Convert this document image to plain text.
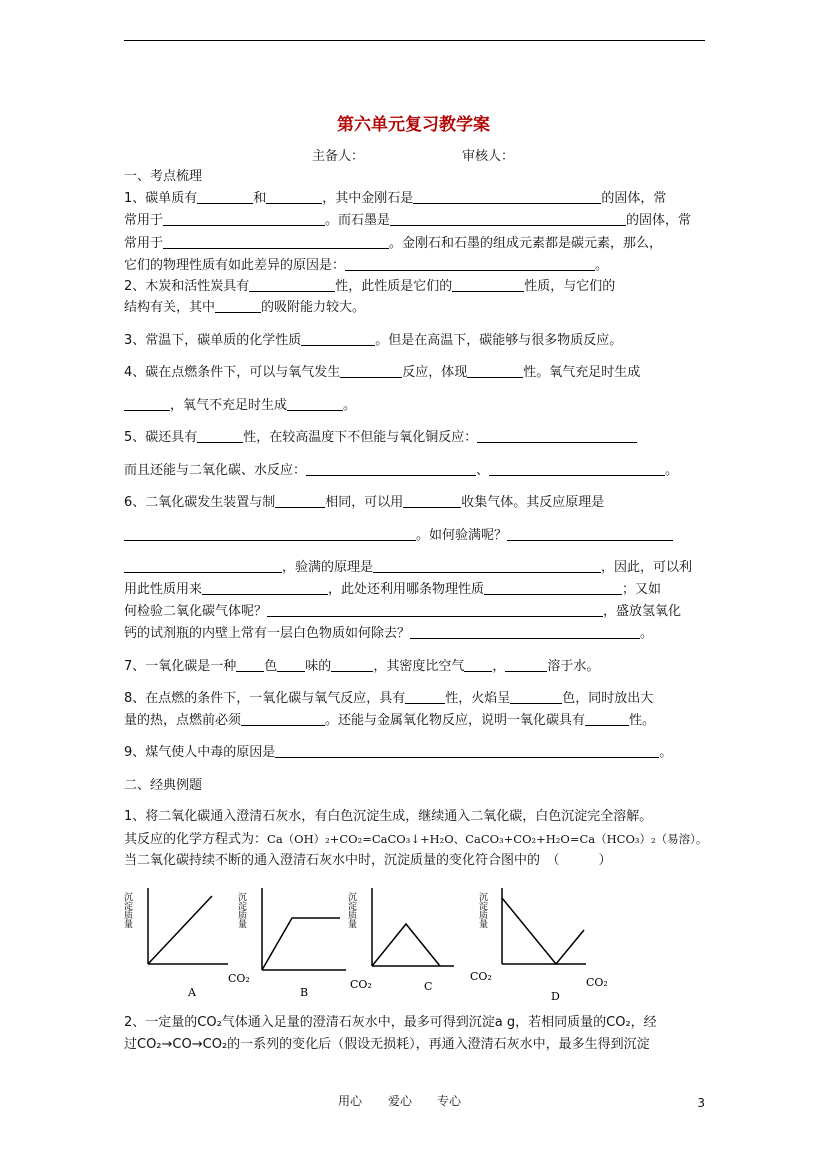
第六单元复习教学案
主备人：	审核人：
一、考点梳理
1、碳单质有	和	，其中金刚石是	的固体，常
常用于	。而石墨是	的固体，常
常用于	。金刚石和石墨的组成元素都是碳元素，那么，
它们的物理性质有如此差异的原因是：	。
2、木炭和活性炭具有	性，此性质是它们的	性质，与它们的
结构有关，其中	的吸附能力较大。
3、常温下，碳单质的化学性质	。但是在高温下，碳能够与很多物质反应。
4、碳在点燃条件下，可以与氧气发生	反应，体现	性。氧气充足时生成
，氧气不充足时生成	。
5、碳还具有	性，在较高温度下不但能与氧化铜反应：
而且还能与二氧化碳、水反应：	、	。
6、二氧化碳发生装置与制	相同，可以用	收集气体。其反应原理是
。如何验满呢？
，验满的原理是	，因此，可以利
用此性质用来	，此处还利用哪条物理性质	；又如
何检验二氧化碳气体呢？	，盛放氢氧化
钙的试剂瓶的内壁上常有一层白色物质如何除去？	。
7、一氧化碳是一种 色 味的	，其密度比空气 ，	溶于水。
8、在点燃的条件下，一氧化碳与氧气反应，具有	性，火焰呈	色，同时放出大
量的热，点燃前必须	。还能与金属氧化物反应，说明一氧化碳具有	性。
9、煤气使人中毒的原因是	。
二、经典例题
1、将二氧化碳通入澄清石灰水，有白色沉淀生成，继续通入二氧化碳，白色沉淀完全溶解。
其反应的化学方程式为：Ca（OH）₂+CO₂=CaCO₃↓+H₂O、CaCO₃+CO₂+H₂O=Ca（HCO₃）₂（易溶）。
当二氧化碳持续不断的通入澄清石灰水中时，沉淀质量的变化符合图中的　（　　　）
沉淀质量
CO₂
A
沉淀质量
CO₂
B
沉淀质量
CO₂
C
沉淀质量
CO₂
D
2、一定量的CO₂气体通入足量的澄清石灰水中，最多可得到沉淀a g，若相同质量的CO₂，经
过CO₂→CO→CO₂的一系列的变化后（假设无损耗），再通入澄清石灰水中，最多生得到沉淀
用心 爱心 专心	3
